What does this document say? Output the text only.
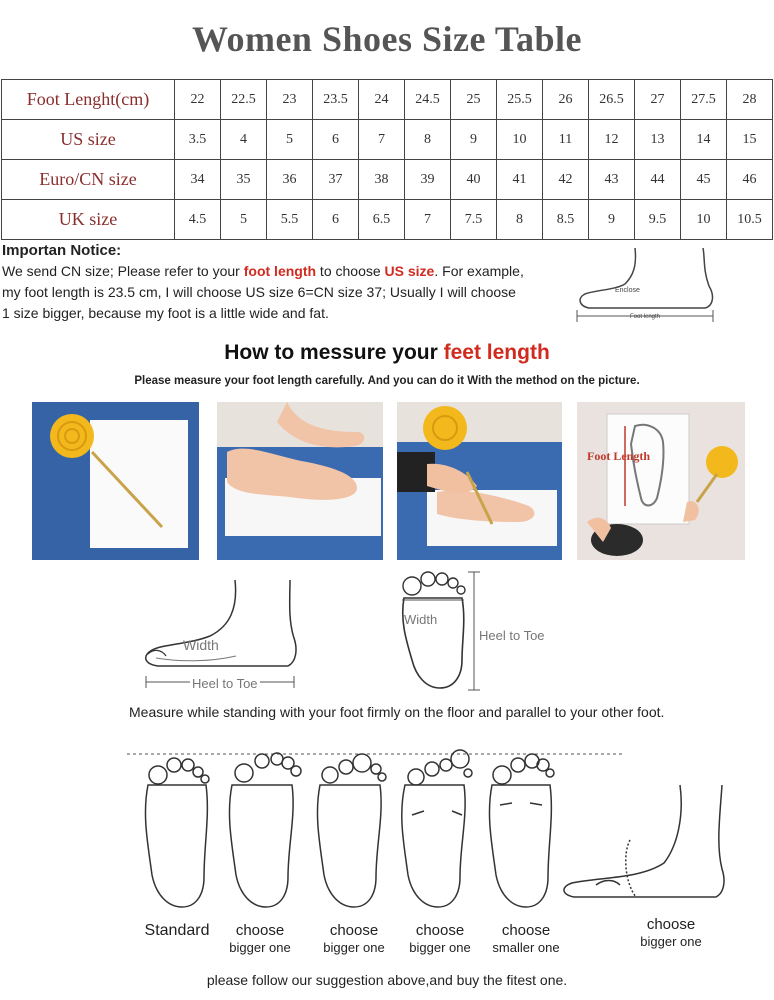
Women Shoes Size Table
Foot Lenght(cm)	22	22.5	23	23.5	24	24.5	25	25.5	26	26.5	27	27.5	28
US size	3.5	4	5	6	7	8	9	10	11	12	13	14	15
Euro/CN size	34	35	36	37	38	39	40	41	42	43	44	45	46
UK size	4.5	5	5.5	6	6.5	7	7.5	8	8.5	9	9.5	10	10.5
Importan Notice:
We send CN size; Please refer to your foot length to choose US size. For example,
my foot length is 23.5 cm, I will choose US size 6=CN size 37; Usually I will choose
1 size bigger, because my foot is a little wide and fat.
Enclose
Foot length
How to messure your feet length
Please measure your foot length carefully. And you can do it With the method on the picture.
Foot Length
Width
Heel to Toe
Width
Heel to Toe
Measure while standing with your foot firmly on the floor and parallel to your other foot.
Standard	choose
bigger one
choose
bigger one
choose
bigger one
choose
smaller one
choose
bigger one
please follow our suggestion above,and buy the fitest one.
